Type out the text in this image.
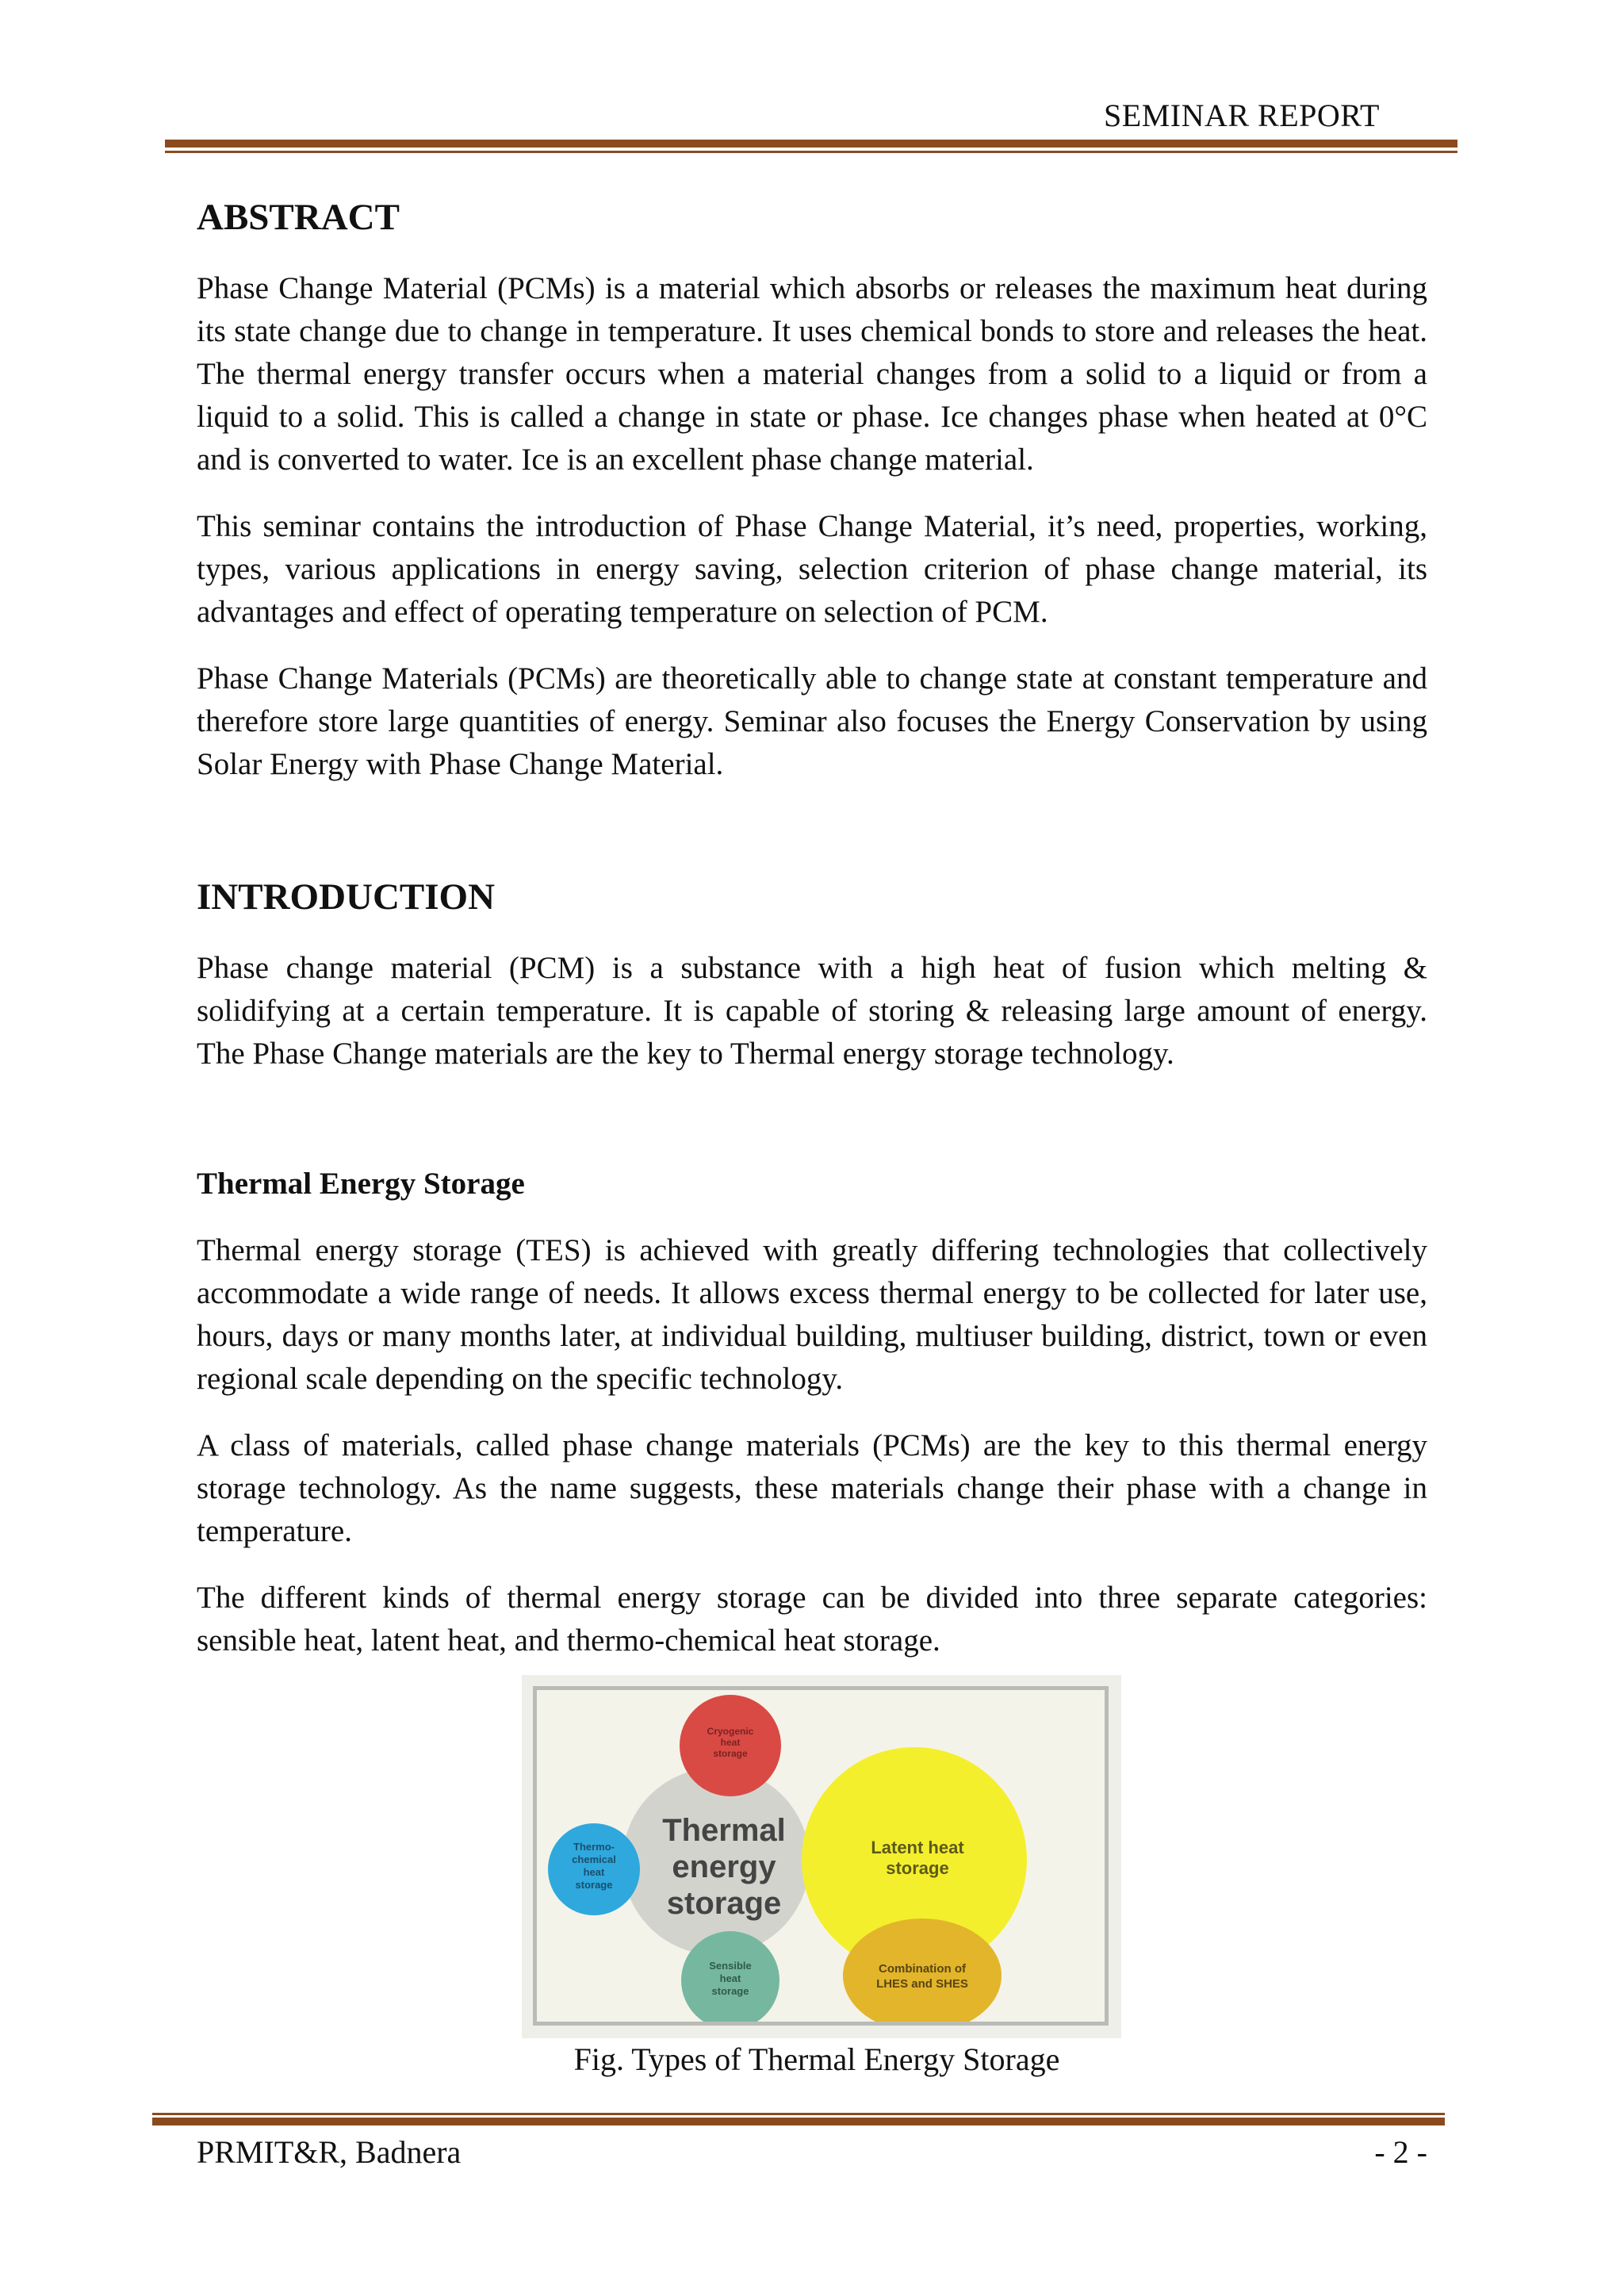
SEMINAR REPORT
ABSTRACT

Phase Change Material (PCMs) is a material which absorbs or releases the maximum heat during its state change due to change in temperature. It uses chemical bonds to store and releases the heat. The thermal energy transfer occurs when a material changes from a solid to a liquid or from a liquid to a solid. This is called a change in state or phase. Ice changes phase when heated at 0°C and is converted to water. Ice is an excellent phase change material.

This seminar contains the introduction of Phase Change Material, it’s need, properties, working, types, various applications in energy saving, selection criterion of phase change material, its advantages and effect of operating temperature on selection of PCM.

Phase Change Materials (PCMs) are theoretically able to change state at constant temperature and therefore store large quantities of energy. Seminar also focuses the Energy Conservation by using Solar Energy with Phase Change Material.

INTRODUCTION

Phase change material (PCM) is a substance with a high heat of fusion which melting & solidifying at a certain temperature. It is capable of storing & releasing large amount of energy. The Phase Change materials are the key to Thermal energy storage technology.

Thermal Energy Storage

Thermal energy storage (TES) is achieved with greatly differing technologies that collectively accommodate a wide range of needs. It allows excess thermal energy to be collected for later use, hours, days or many months later, at individual building, multiuser building, district, town or even regional scale depending on the specific technology.

A class of materials, called phase change materials (PCMs) are the key to this thermal energy storage technology. As the name suggests, these materials change their phase with a change in temperature.

The different kinds of thermal energy storage can be divided into three separate categories: sensible heat, latent heat, and thermo-chemical heat storage.

Thermal
energy
storage
Cryogenic
heat
storage
Thermo-
chemical
heat
storage
Latent heat
storage
Sensible
heat
storage
Combination of
LHES and SHES
Fig. Types of Thermal Energy Storage
PRMIT&R, Badnera	- 2 -
